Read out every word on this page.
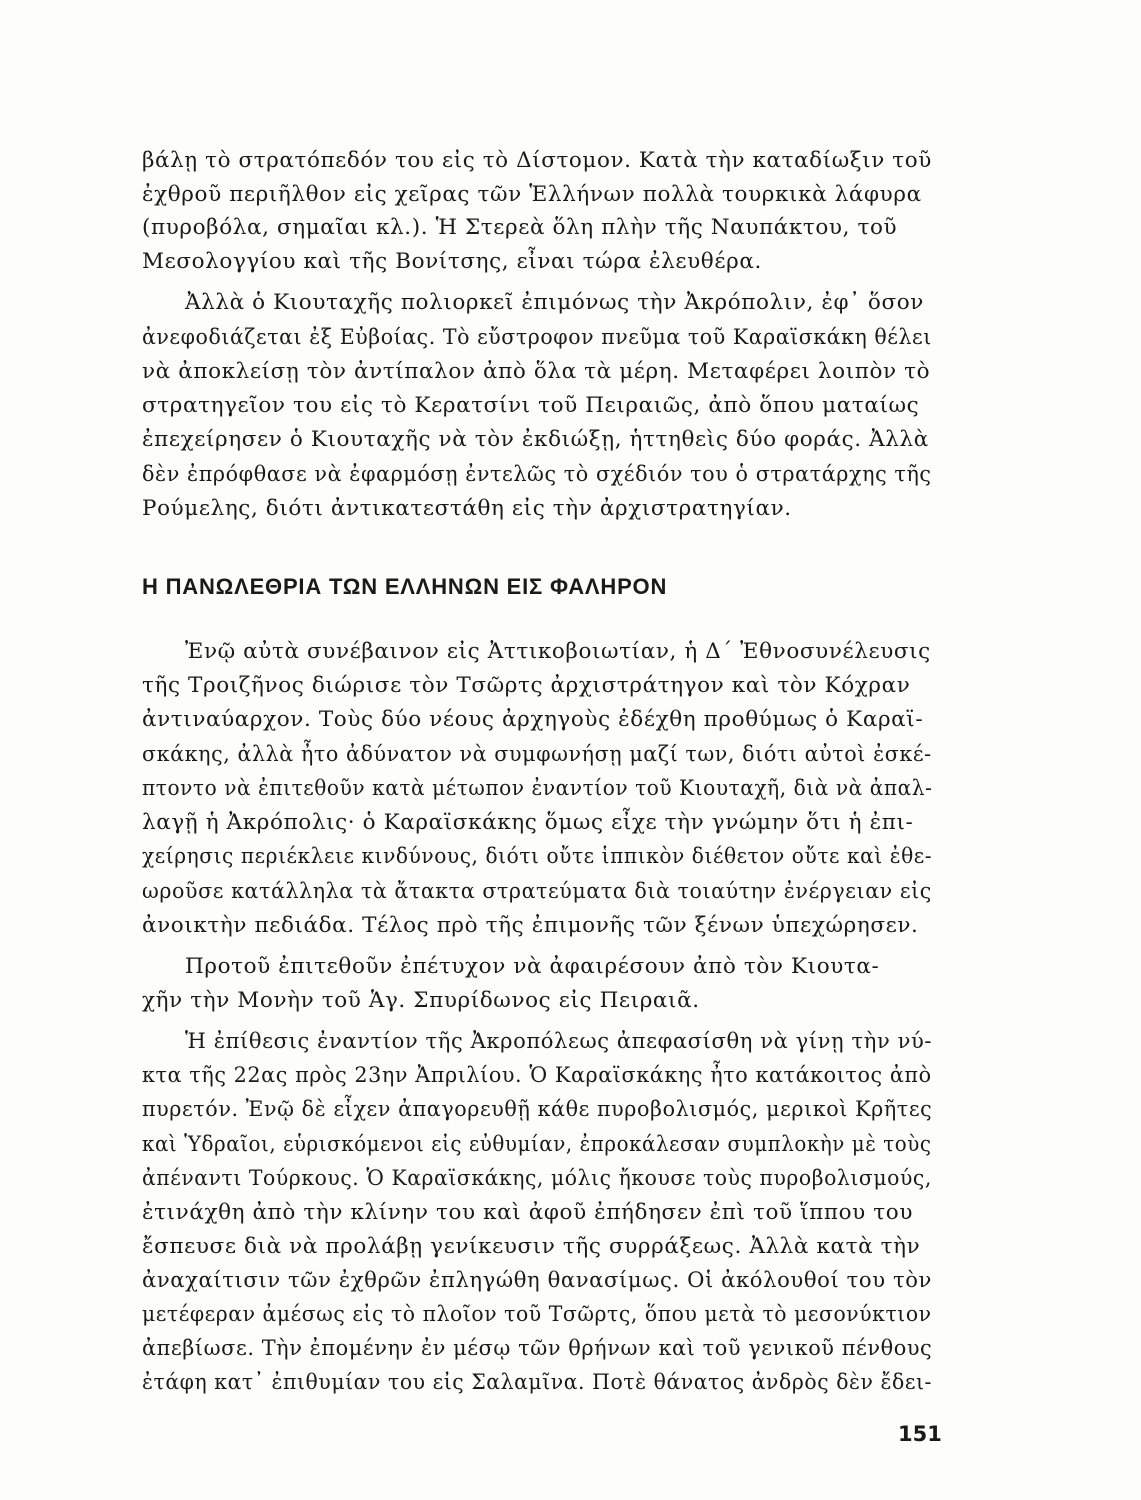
βάλῃ τὸ στρατόπεδόν του εἰς τὸ Δίστομον. Κατὰ τὴν καταδίωξιν τοῦ
ἐχθροῦ περιῆλθον εἰς χεῖρας τῶν Ἑλλήνων πολλὰ τουρκικὰ λάφυρα
(πυροβόλα, σημαῖαι κλ.). Ἡ Στερεὰ ὅλη πλὴν τῆς Ναυπάκτου, τοῦ
Μεσολογγίου καὶ τῆς Βονίτσης, εἶναι τώρα ἐλευθέρα.
Ἀλλὰ ὁ Κιουταχῆς πολιορκεῖ ἐπιμόνως τὴν Ἀκρόπολιν, ἐφ᾽ ὅσον
ἀνεφοδιάζεται ἐξ Εὐβοίας. Τὸ εὔστροφον πνεῦμα τοῦ Καραϊσκάκη θέλει
νὰ ἀποκλείσῃ τὸν ἀντίπαλον ἀπὸ ὅλα τὰ μέρη. Μεταφέρει λοιπὸν τὸ
στρατηγεῖον του εἰς τὸ Κερατσίνι τοῦ Πειραιῶς, ἀπὸ ὅπου ματαίως
ἐπεχείρησεν ὁ Κιουταχῆς νὰ τὸν ἐκδιώξῃ, ἡττηθεὶς δύο φοράς. Ἀλλὰ
δὲν ἐπρόφθασε νὰ ἐφαρμόσῃ ἐντελῶς τὸ σχέδιόν του ὁ στρατάρχης τῆς
Ρούμελης, διότι ἀντικατεστάθη εἰς τὴν ἀρχιστρατηγίαν.
Η ΠΑΝΩΛΕΘΡΙΑ ΤΩΝ ΕΛΛΗΝΩΝ ΕΙΣ ΦΑΛΗΡΟΝ
Ἐνῷ αὐτὰ συνέβαινον εἰς Ἀττικοβοιωτίαν, ἡ Δ΄ Ἐθνοσυνέλευσις
τῆς Τροιζῆνος διώρισε τὸν Τσῶρτς ἀρχιστράτηγον καὶ τὸν Κόχραν
ἀντιναύαρχον. Τοὺς δύο νέους ἀρχηγοὺς ἐδέχθη προθύμως ὁ Καραϊ-
σκάκης, ἀλλὰ ἦτο ἀδύνατον νὰ συμφωνήσῃ μαζί των, διότι αὐτοὶ ἐσκέ-
πτοντο νὰ ἐπιτεθοῦν κατὰ μέτωπον ἐναντίον τοῦ Κιουταχῆ, διὰ νὰ ἀπαλ-
λαγῇ ἡ Ἀκρόπολις· ὁ Καραϊσκάκης ὅμως εἶχε τὴν γνώμην ὅτι ἡ ἐπι-
χείρησις περιέκλειε κινδύνους, διότι οὔτε ἱππικὸν διέθετον οὔτε καὶ ἐθε-
ωροῦσε κατάλληλα τὰ ἄτακτα στρατεύματα διὰ τοιαύτην ἐνέργειαν εἰς
ἀνοικτὴν πεδιάδα. Τέλος πρὸ τῆς ἐπιμονῆς τῶν ξένων ὑπεχώρησεν.
Προτοῦ ἐπιτεθοῦν ἐπέτυχον νὰ ἀφαιρέσουν ἀπὸ τὸν Κιουτα-
χῆν τὴν Μονὴν τοῦ Ἁγ. Σπυρίδωνος εἰς Πειραιᾶ.
Ἡ ἐπίθεσις ἐναντίον τῆς Ἀκροπόλεως ἀπεφασίσθη νὰ γίνῃ τὴν νύ-
κτα τῆς 22ας πρὸς 23ην Ἀπριλίου. Ὁ Καραϊσκάκης ἦτο κατάκοιτος ἀπὸ
πυρετόν. Ἐνῷ δὲ εἶχεν ἀπαγορευθῇ κάθε πυροβολισμός, μερικοὶ Κρῆτες
καὶ Ὑδραῖοι, εὑρισκόμενοι εἰς εὐθυμίαν, ἐπροκάλεσαν συμπλοκὴν μὲ τοὺς
ἀπέναντι Τούρκους. Ὁ Καραϊσκάκης, μόλις ἤκουσε τοὺς πυροβολισμούς,
ἐτινάχθη ἀπὸ τὴν κλίνην του καὶ ἀφοῦ ἐπήδησεν ἐπὶ τοῦ ἵππου του
ἔσπευσε διὰ νὰ προλάβῃ γενίκευσιν τῆς συρράξεως. Ἀλλὰ κατὰ τὴν
ἀναχαίτισιν τῶν ἐχθρῶν ἐπληγώθη θανασίμως. Οἱ ἀκόλουθοί του τὸν
μετέφεραν ἀμέσως εἰς τὸ πλοῖον τοῦ Τσῶρτς, ὅπου μετὰ τὸ μεσονύκτιον
ἀπεβίωσε. Τὴν ἐπομένην ἐν μέσῳ τῶν θρήνων καὶ τοῦ γενικοῦ πένθους
ἐτάφη κατ᾽ ἐπιθυμίαν του εἰς Σαλαμῖνα. Ποτὲ θάνατος ἀνδρὸς δὲν ἔδει-
151
